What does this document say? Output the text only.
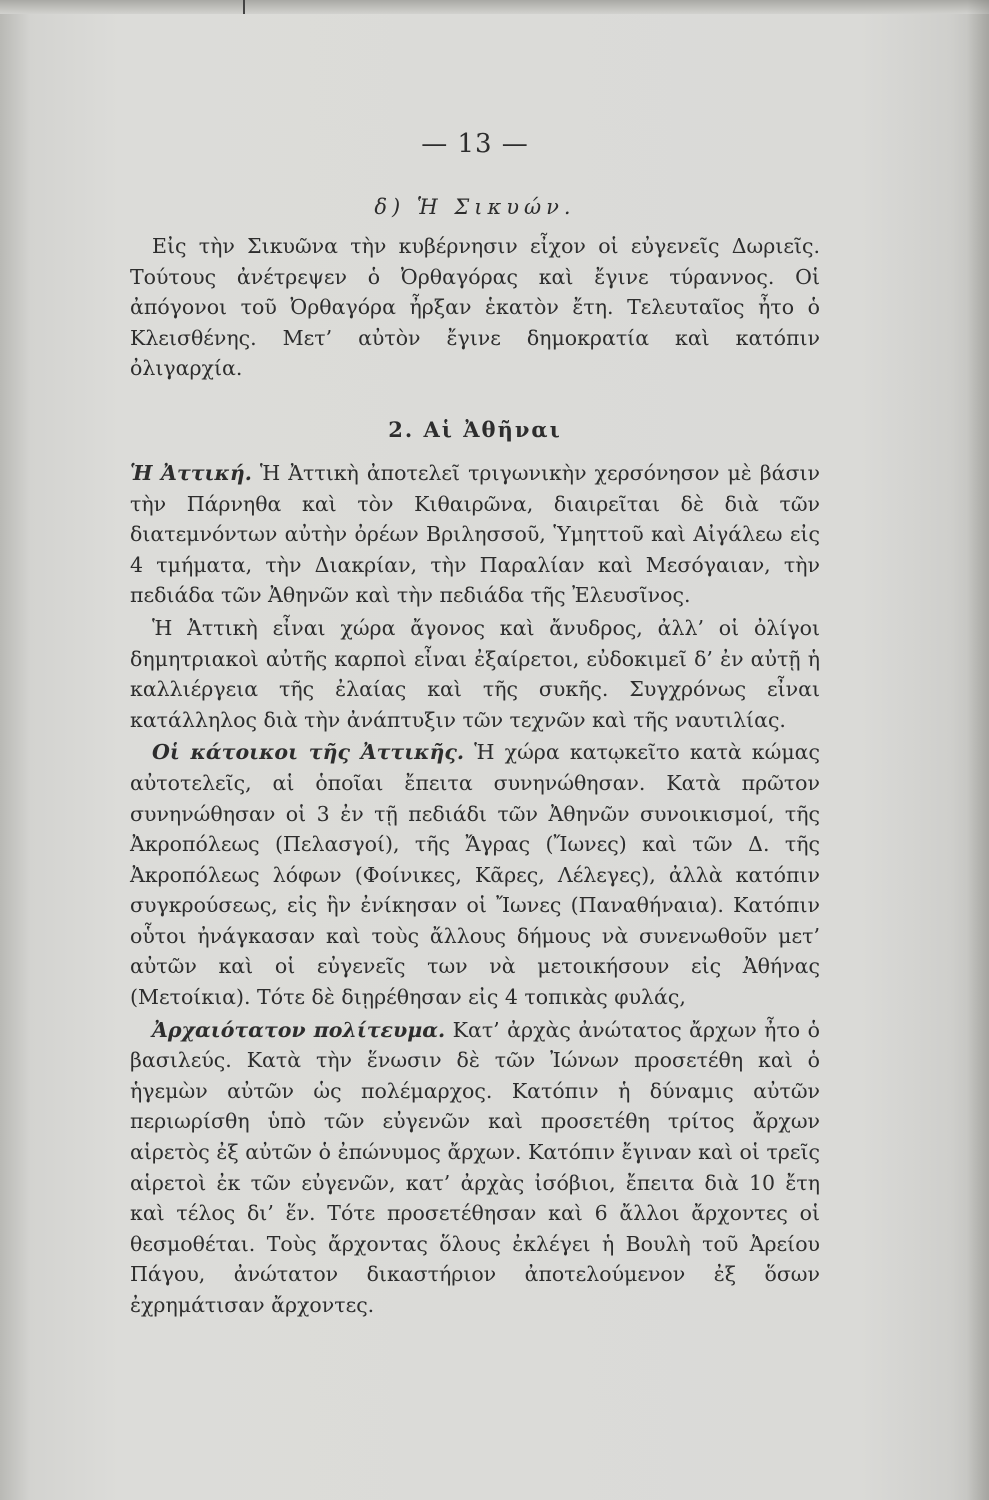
— 13 —
δ) Ἡ Σικυών.

Εἰς τὴν Σικυῶνα τὴν κυβέρνησιν εἶχον οἱ εὐγενεῖς Δωριεῖς. Τούτους ἀνέτρεψεν ὁ Ὀρθαγόρας καὶ ἔγινε τύραννος. Οἱ ἀπόγονοι τοῦ Ὀρθαγόρα ἦρξαν ἑκατὸν ἔτη. Τελευταῖος ἦτο ὁ Κλεισθένης. Μετ’ αὐτὸν ἔγινε δημοκρατία καὶ κατόπιν ὀλιγαρχία.

2. Αἱ Ἀθῆναι

Ἡ Ἀττική. Ἡ Ἀττικὴ ἀποτελεῖ τριγωνικὴν χερσόνησον μὲ βάσιν τὴν Πάρνηθα καὶ τὸν Κιθαιρῶνα, διαιρεῖται δὲ διὰ τῶν διατεμνόντων αὐτὴν ὀρέων Βριλησσοῦ, Ὑμηττοῦ καὶ Αἰγάλεω εἰς 4 τμήματα, τὴν Διακρίαν, τὴν Παραλίαν καὶ Μεσόγαιαν, τὴν πεδιάδα τῶν Ἀθηνῶν καὶ τὴν πεδιάδα τῆς Ἐλευσῖνος.

Ἡ Ἀττικὴ εἶναι χώρα ἄγονος καὶ ἄνυδρος, ἀλλ’ οἱ ὀλίγοι δημητριακοὶ αὐτῆς καρποὶ εἶναι ἐξαίρετοι, εὐδοκιμεῖ δ’ ἐν αὐτῇ ἡ καλλιέργεια τῆς ἐλαίας καὶ τῆς συκῆς. Συγχρόνως εἶναι κατάλληλος διὰ τὴν ἀνάπτυξιν τῶν τεχνῶν καὶ τῆς ναυτιλίας.

Οἱ κάτοικοι τῆς Ἀττικῆς. Ἡ χώρα κατῳκεῖτο κατὰ κώμας αὐτοτελεῖς, αἱ ὁποῖαι ἔπειτα συνηνώθησαν. Κατὰ πρῶτον συνηνώθησαν οἱ 3 ἐν τῇ πεδιάδι τῶν Ἀθηνῶν συνοικισμοί, τῆς Ἀκροπόλεως (Πελασγοί), τῆς Ἄγρας (Ἴωνες) καὶ τῶν Δ. τῆς Ἀκροπόλεως λόφων (Φοίνικες, Κᾶρες, Λέλεγες), ἀλλὰ κατόπιν συγκρούσεως, εἰς ἣν ἐνίκησαν οἱ Ἴωνες (Παναθήναια). Κατόπιν οὗτοι ἠνάγκασαν καὶ τοὺς ἄλλους δήμους νὰ συνενωθοῦν μετ’ αὐτῶν καὶ οἱ εὐγενεῖς των νὰ μετοικήσουν εἰς Ἀθήνας (Μετοίκια). Τότε δὲ διῃρέθησαν εἰς 4 τοπικὰς φυλάς,

Ἀρχαιότατον πολίτευμα. Κατ’ ἀρχὰς ἀνώτατος ἄρχων ἦτο ὁ βασιλεύς. Κατὰ τὴν ἕνωσιν δὲ τῶν Ἰώνων προσετέθη καὶ ὁ ἡγεμὼν αὐτῶν ὡς πολέμαρχος. Κατόπιν ἡ δύναμις αὐτῶν περιωρίσθη ὑπὸ τῶν εὐγενῶν καὶ προσετέθη τρίτος ἄρχων αἱρετὸς ἐξ αὐτῶν ὁ ἐπώνυμος ἄρχων. Κατόπιν ἔγιναν καὶ οἱ τρεῖς αἱρετοὶ ἐκ τῶν εὐγενῶν, κατ’ ἀρχὰς ἰσόβιοι, ἔπειτα διὰ 10 ἔτη καὶ τέλος δι’ ἕν. Τότε προσετέθησαν καὶ 6 ἄλλοι ἄρχοντες οἱ θεσμοθέται. Τοὺς ἄρχοντας ὅλους ἐκλέγει ἡ Βουλὴ τοῦ Ἀρείου Πάγου, ἀνώτατον δικαστήριον ἀποτελούμενον ἐξ ὅσων ἐχρημάτισαν ἄρχοντες.
